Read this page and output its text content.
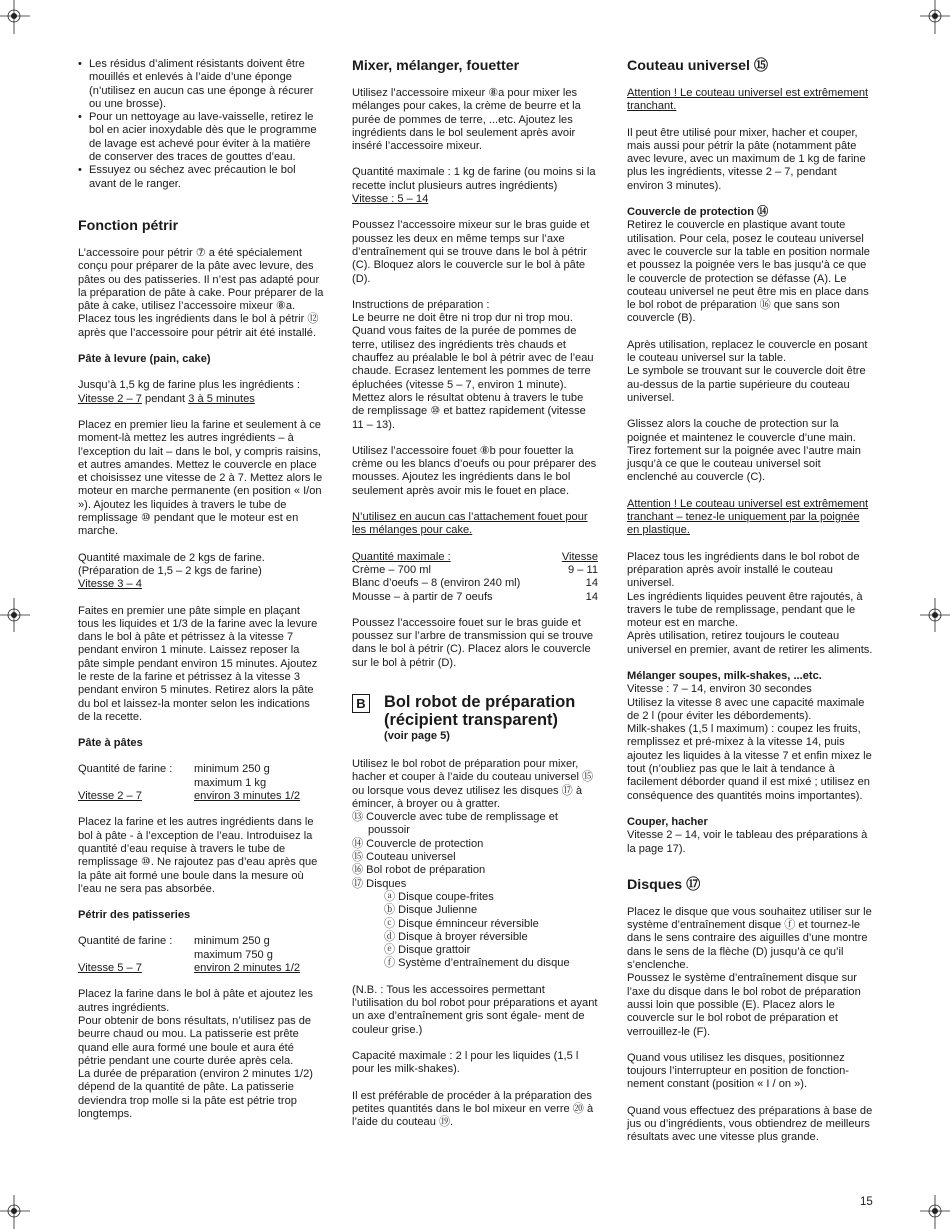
• Les résidus d’aliment résistants doivent être mouillés et enlevés à l’aide d’une éponge (n’utilisez en aucun cas une éponge à récurer ou une brosse).
• Pour un nettoyage au lave-vaisselle, retirez le bol en acier inoxydable dès que le programme de lavage est achevé pour éviter à la matière de conserver des traces de gouttes d’eau.
• Essuyez ou séchez avec précaution le bol avant de le ranger.
Fonction pétrir

L’accessoire pour pétrir ⑦ a été spécialement conçu pour préparer de la pâte avec levure, des pâtes ou des patisseries. Il n’est pas adapté pour la préparation de pâte à cake. Pour préparer de la pâte à cake, utilisez l’accessoire mixeur ⑧a.

Placez tous les ingrédients dans le bol à pétrir ⑫ après que l’accessoire pour pétrir ait été installé.

Pâte à levure (pain, cake)

Jusqu’à 1,5 kg de farine plus les ingrédients :

Vitesse 2 – 7 pendant 3 à 5 minutes

Placez en premier lieu la farine et seulement à ce moment-là mettez les autres ingrédients – à l’exception du lait – dans le bol, y compris raisins, et autres amandes. Mettez le couvercle en place et choisissez une vitesse de 2 à 7. Mettez alors le moteur en marche permanente (en position « I/on »). Ajoutez les liquides à travers le tube de remplissage ⑩ pendant que le moteur est en marche.

Quantité maximale de 2 kgs de farine.

(Préparation de 1,5 – 2 kgs de farine)

Vitesse 3 – 4

Faites en premier une pâte simple en plaçant tous les liquides et 1/3 de la farine avec la levure dans le bol à pâte et pétrissez à la vitesse 7 pendant environ 1 minute. Laissez reposer la pâte simple pendant environ 15 minutes. Ajoutez le reste de la farine et pétrissez à la vitesse 3 pendant environ 5 minutes. Retirez alors la pâte du bol et laissez-la monter selon les indications de la recette.

Pâte à pâtes
Quantité de farine :	minimum 250 g
maximum 1 kg
Vitesse 2 – 7	environ 3 minutes 1/2

Placez la farine et les autres ingrédients dans le bol à pâte - à l’exception de l’eau. Introduisez la quantité d’eau requise à travers le tube de remplissage ⑩. Ne rajoutez pas d’eau après que la pâte ait formé une boule dans la mesure où l’eau ne sera pas absorbée.

Pétrir des patisseries
Quantité de farine :	minimum 250 g
maximum 750 g
Vitesse 5 – 7	environ 2 minutes 1/2

Placez la farine dans le bol à pâte et ajoutez les autres ingrédients.

Pour obtenir de bons résultats, n’utilisez pas de beurre chaud ou mou. La patisserie est prête quand elle aura formé une boule et aura été pétrie pendant une courte durée après cela.

La durée de préparation (environ 2 minutes 1/2) dépend de la quantité de pâte. La patisserie deviendra trop molle si la pâte est pétrie trop longtemps.

Mixer, mélanger, fouetter

Utilisez l’accessoire mixeur ⑧a pour mixer les mélanges pour cakes, la crème de beurre et la purée de pommes de terre, ...etc. Ajoutez les ingrédients dans le bol seulement après avoir inséré l’accessoire mixeur.

Quantité maximale : 1 kg de farine (ou moins si la recette inclut plusieurs autres ingrédients)

Vitesse : 5 – 14

Poussez l’accessoire mixeur sur le bras guide et poussez les deux en même temps sur l’axe d’entraînement qui se trouve dans le bol à pétrir (C). Bloquez alors le couvercle sur le bol à pâte (D).

Instructions de préparation :

Le beurre ne doit être ni trop dur ni trop mou. Quand vous faites de la purée de pommes de terre, utilisez des ingrédients très chauds et chauffez au préalable le bol à pétrir avec de l’eau chaude. Ecrasez lentement les pommes de terre épluchées (vitesse 5 – 7, environ 1 minute). Mettez alors le résultat obtenu à travers le tube de remplissage ⑩ et battez rapidement (vitesse 11 – 13).

Utilisez l’accessoire fouet ⑧b pour fouetter la crème ou les blancs d’oeufs ou pour préparer des mousses. Ajoutez les ingrédients dans le bol seulement après avoir mis le fouet en place.

N’utilisez en aucun cas l’attachement fouet pour les mélanges pour cake.

Quantité maximale :	Vitesse
Crème – 700 ml	9 – 11
Blanc d’oeufs – 8 (environ 240 ml)	14
Mousse – à partir de 7 oeufs	14

Poussez l’accessoire fouet sur le bras guide et poussez sur l’arbre de transmission qui se trouve dans le bol à pétrir (C). Placez alors le couvercle sur le bol à pétrir (D).

B Bol robot de préparation
(récipient transparent)
(voir page 5)

Utilisez le bol robot de préparation pour mixer, hacher et couper à l’aide du couteau universel ⑮ ou lorsque vous devez utilisez les disques ⑰ à émincer, à broyer ou à gratter.

⑬ Couvercle avec tube de remplissage et poussoir
⑭ Couvercle de protection
⑮ Couteau universel
⑯ Bol robot de préparation
⑰ Disques
ⓐ Disque coupe-frites
ⓑ Disque Julienne
ⓒ Disque émninceur réversible
ⓓ Disque à broyer réversible
ⓔ Disque grattoir
ⓕ Système d’entraînement du disque

(N.B. : Tous les accessoires permettant l’utilisation du bol robot pour préparations et ayant un axe d’entraînement gris sont égale- ment de couleur grise.)

Capacité maximale : 2 l pour les liquides (1,5 l pour les milk-shakes).

Il est préférable de procéder à la préparation des petites quantités dans le bol mixeur en verre ⑳ à l’aide du couteau ⑲.

Couteau universel ⑮

Attention ! Le couteau universel est extrêmement tranchant.

Il peut être utilisé pour mixer, hacher et couper, mais aussi pour pétrir la pâte (notamment pâte avec levure, avec un maximum de 1 kg de farine plus les ingrédients, vitesse 2 – 7, pendant environ 3 minutes).

Couvercle de protection ⑭

Retirez le couvercle en plastique avant toute utilisation. Pour cela, posez le couteau universel avec le couvercle sur la table en position normale et poussez la poignée vers le bas jusqu’à ce que le couvercle de protection se défasse (A). Le couteau universel ne peut être mis en place dans le bol robot de préparation ⑯ que sans son couvercle (B).

Après utilisation, replacez le couvercle en posant le couteau universel sur la table.

Le symbole se trouvant sur le couvercle doit être au-dessus de la partie supérieure du couteau universel.

Glissez alors la couche de protection sur la poignée et maintenez le couvercle d’une main. Tirez fortement sur la poignée avec l’autre main jusqu’à ce que le couteau universel soit enclenché au couvercle (C).

Attention ! Le couteau universel est extrêmement tranchant – tenez-le uniquement par la poignée en plastique.

Placez tous les ingrédients dans le bol robot de préparation après avoir installé le couteau universel.

Les ingrédients liquides peuvent être rajoutés, à travers le tube de remplissage, pendant que le moteur est en marche.

Après utilisation, retirez toujours le couteau universel en premier, avant de retirer les aliments.

Mélanger soupes, milk-shakes, ...etc.

Vitesse : 7 – 14, environ 30 secondes

Utilisez la vitesse 8 avec une capacité maximale de 2 l (pour éviter les débordements).

Milk-shakes (1,5 l maximum) : coupez les fruits, remplissez et pré-mixez à la vitesse 14, puis ajoutez les liquides à la vitesse 7 et enfin mixez le tout (n’oubliez pas que le lait à tendance à facilement déborder quand il est mixé ; utilisez en conséquence des quantités moins importantes).

Couper, hacher

Vitesse 2 – 14, voir le tableau des préparations à la page 17).

Disques ⑰

Placez le disque que vous souhaitez utiliser sur le système d’entraînement disque ⓕ et tournez-le dans le sens contraire des aiguilles d’une montre dans le sens de la flèche (D) jusqu’à ce qu’il s’enclenche.

Poussez le système d’entraînement disque sur l’axe du disque dans le bol robot de préparation aussi loin que possible (E). Placez alors le couvercle sur le bol robot de préparation et verrouillez-le (F).

Quand vous utilisez les disques, positionnez toujours l’interrupteur en position de fonction- nement constant (position « I / on »).

Quand vous effectuez des préparations à base de jus ou d’ingrédients, vous obtiendrez de meilleurs résultats avec une vitesse plus grande.

15
